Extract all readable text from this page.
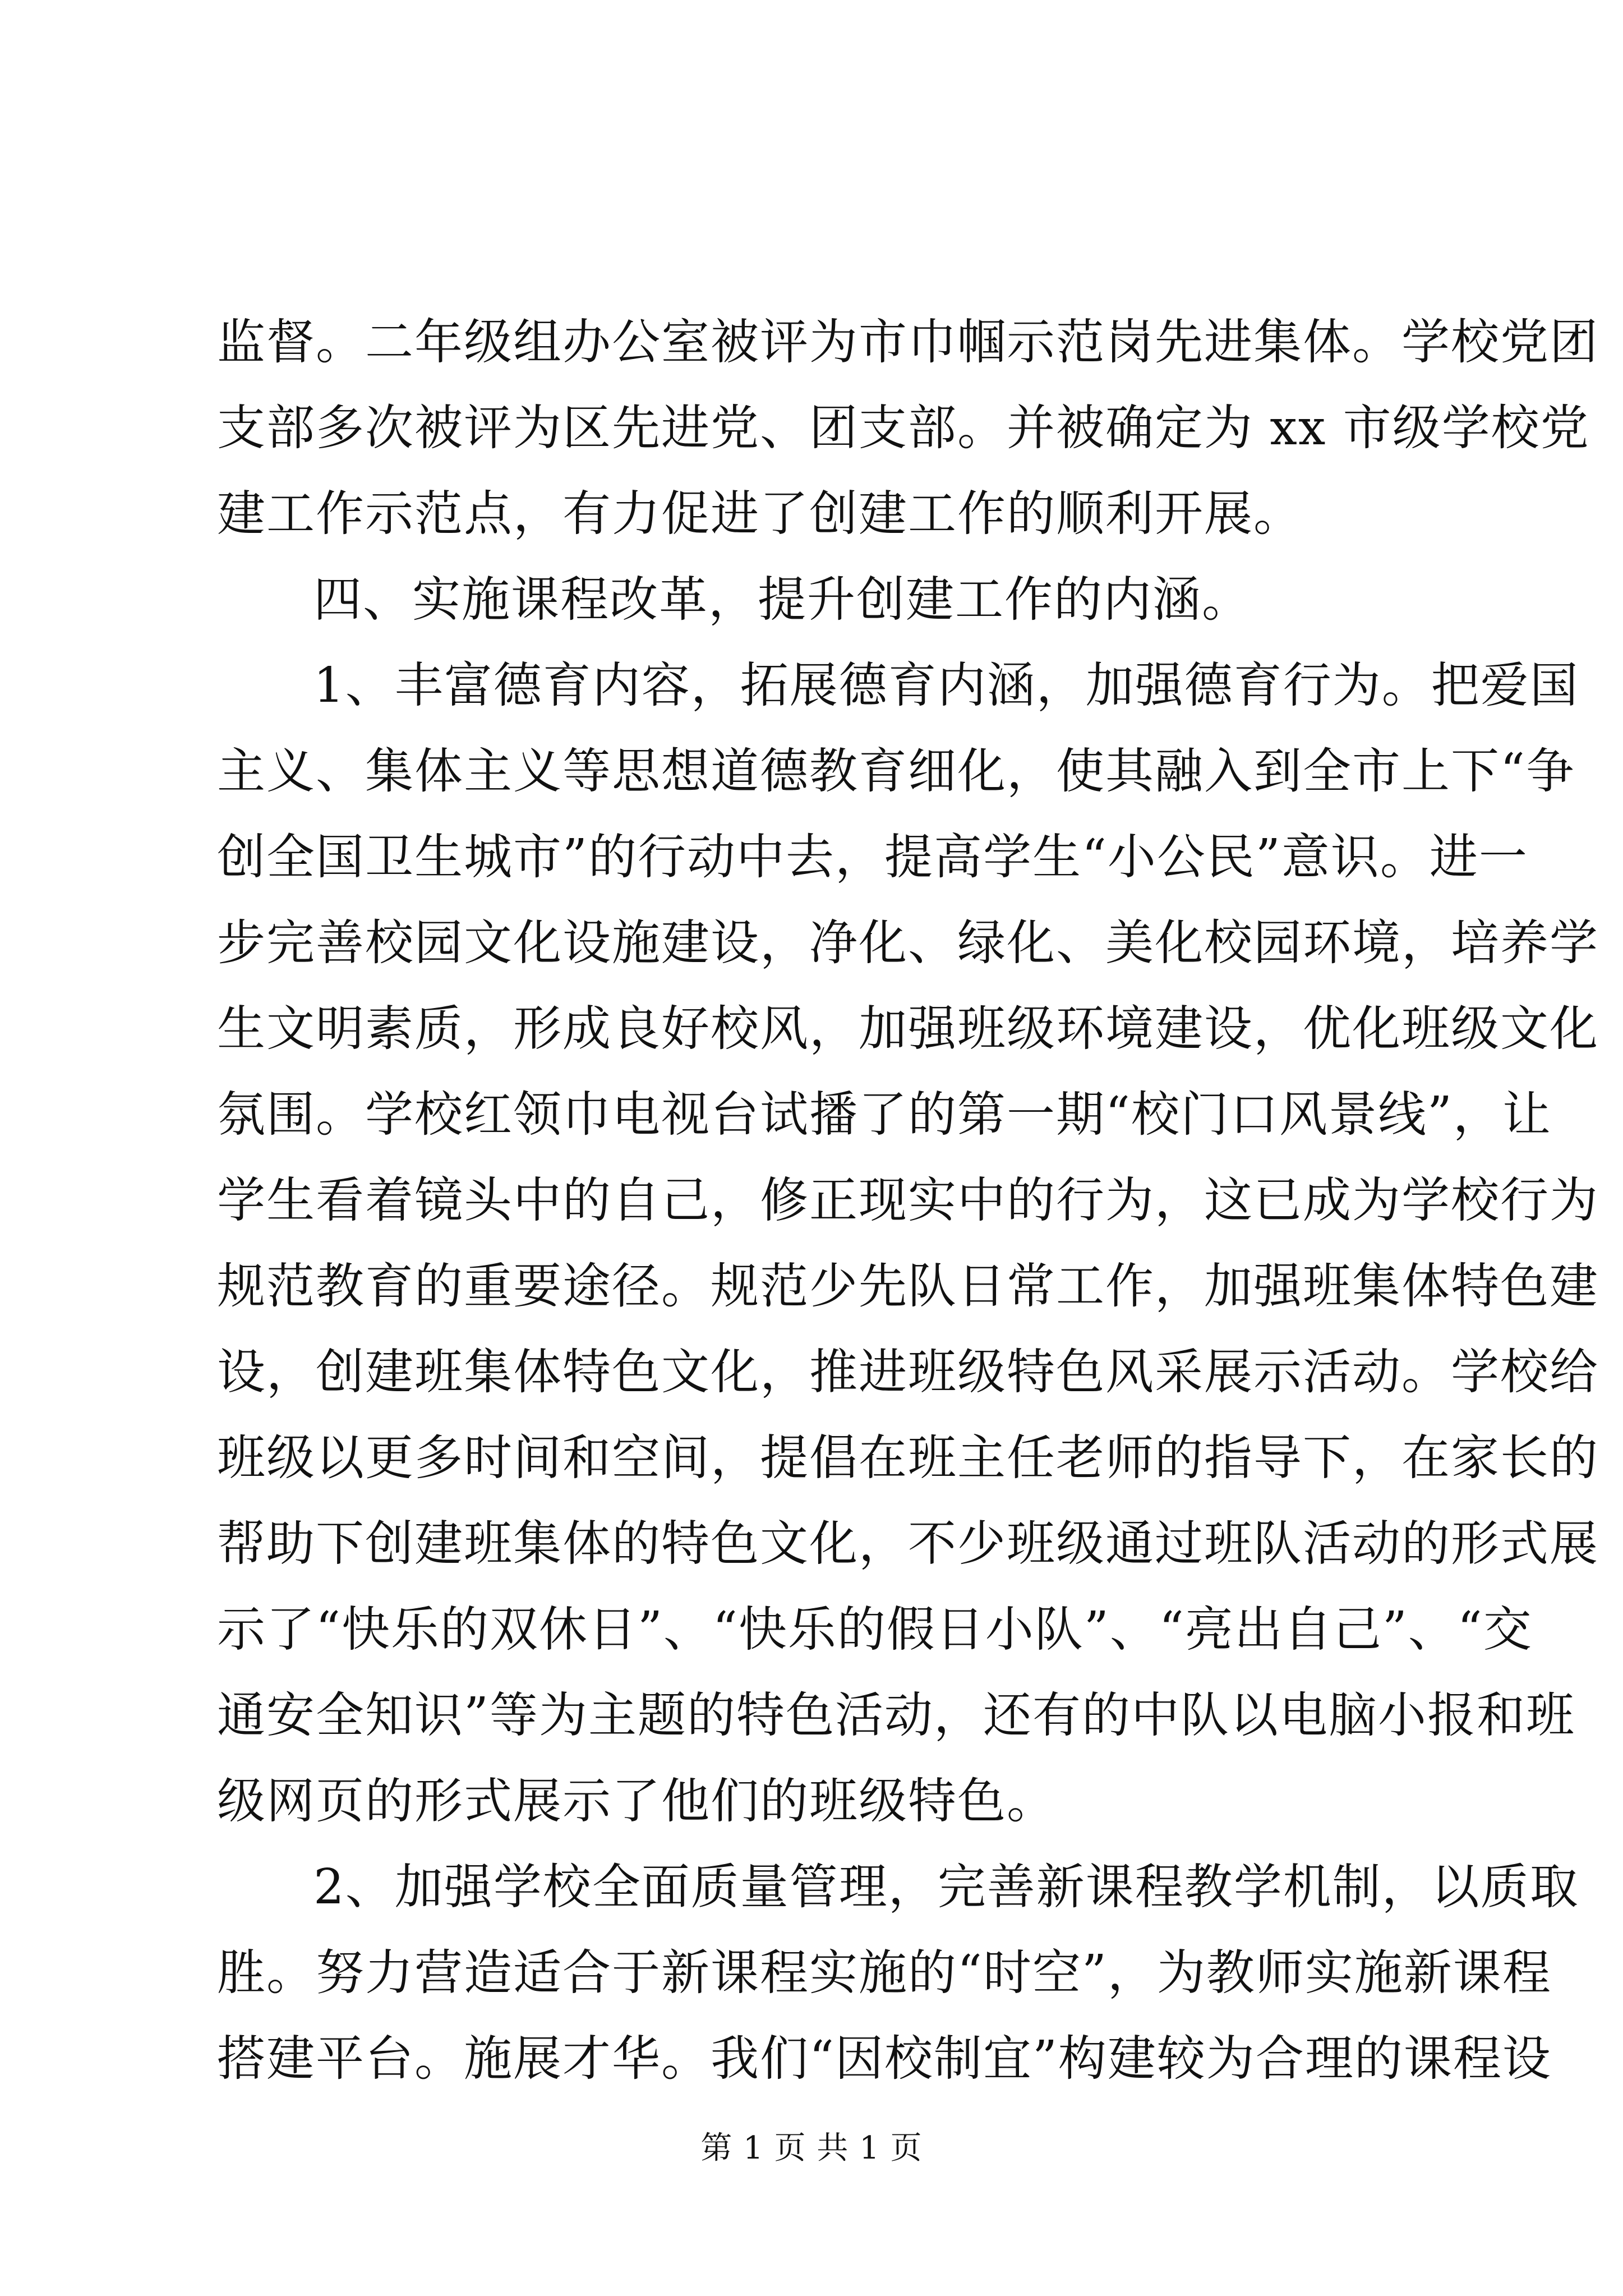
监督。二年级组办公室被评为市巾帼示范岗先进集体。学校党团
支部多次被评为区先进党、团支部。并被确定为 xx 市级学校党
建工作示范点，有力促进了创建工作的顺利开展。
四、实施课程改革，提升创建工作的内涵。
1、丰富德育内容，拓展德育内涵，加强德育行为。把爱国
主义、集体主义等思想道德教育细化，使其融入到全市上下“争
创全国卫生城市”的行动中去，提高学生“小公民”意识。进一
步完善校园文化设施建设，净化、绿化、美化校园环境，培养学
生文明素质，形成良好校风，加强班级环境建设，优化班级文化
氛围。学校红领巾电视台试播了的第一期“校门口风景线”，让
学生看着镜头中的自己，修正现实中的行为，这已成为学校行为
规范教育的重要途径。规范少先队日常工作，加强班集体特色建
设，创建班集体特色文化，推进班级特色风采展示活动。学校给
班级以更多时间和空间，提倡在班主任老师的指导下，在家长的
帮助下创建班集体的特色文化，不少班级通过班队活动的形式展
示了“快乐的双休日”、“快乐的假日小队”、“亮出自己”、“交
通安全知识”等为主题的特色活动，还有的中队以电脑小报和班
级网页的形式展示了他们的班级特色。
2、加强学校全面质量管理，完善新课程教学机制，以质取
胜。努力营造适合于新课程实施的“时空”，为教师实施新课程
搭建平台。施展才华。我们“因校制宜”构建较为合理的课程设
第 1 页 共 1 页
